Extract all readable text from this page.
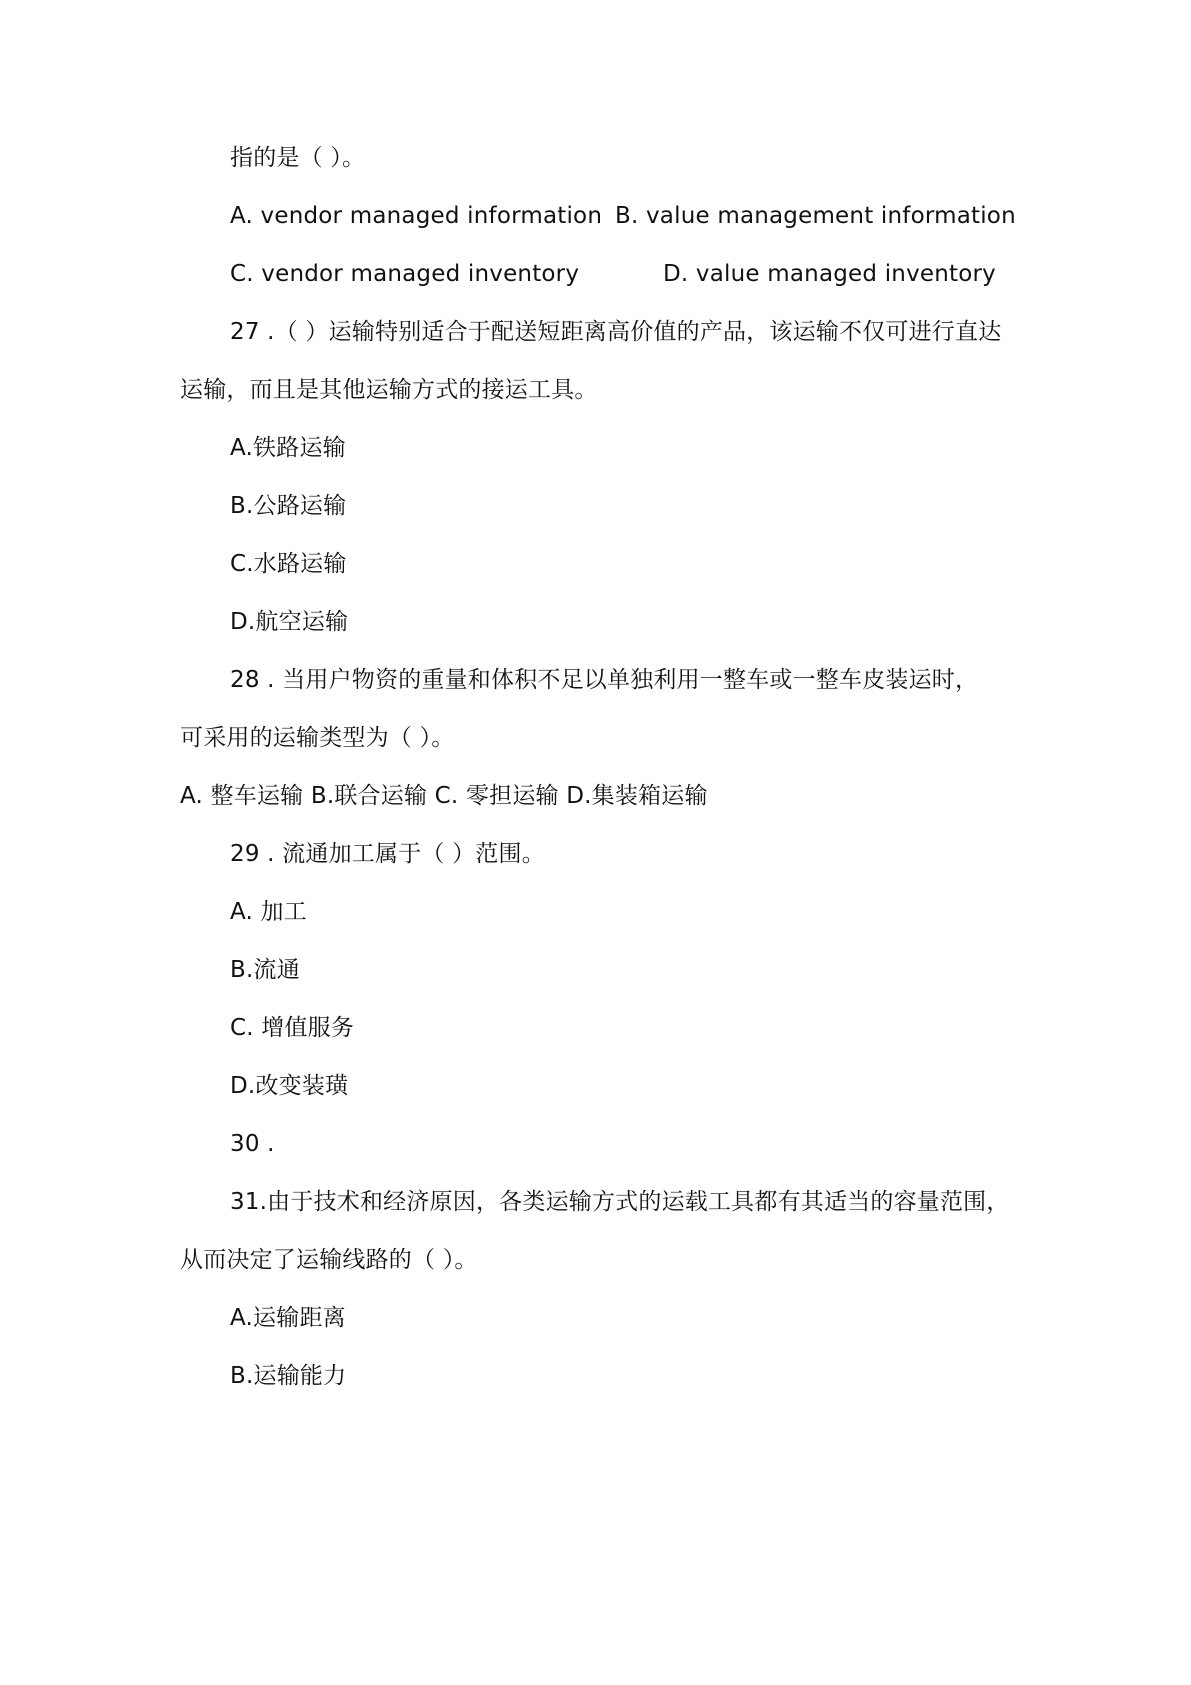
指的是（ ）。
A. vendor managed information B. value management information
C. vendor managed inventory	D. value managed inventory
27 .（ ）运输特别适合于配送短距离高价值的产品，该运输不仅可进行直达
运输，而且是其他运输方式的接运工具。
A.铁路运输
B.公路运输
C.水路运输
D.航空运输
28 . 当用户物资的重量和体积不足以单独利用一整车或一整车皮装运时，
可采用的运输类型为（ ）。
A. 整车运输 B.联合运输 C. 零担运输 D.集装箱运输
29 . 流通加工属于（ ）范围。
A. 加工
B.流通
C. 增值服务
D.改变装璜
30 .
31.由于技术和经济原因，各类运输方式的运载工具都有其适当的容量范围，
从而决定了运输线路的（ ）。
A.运输距离
B.运输能力
